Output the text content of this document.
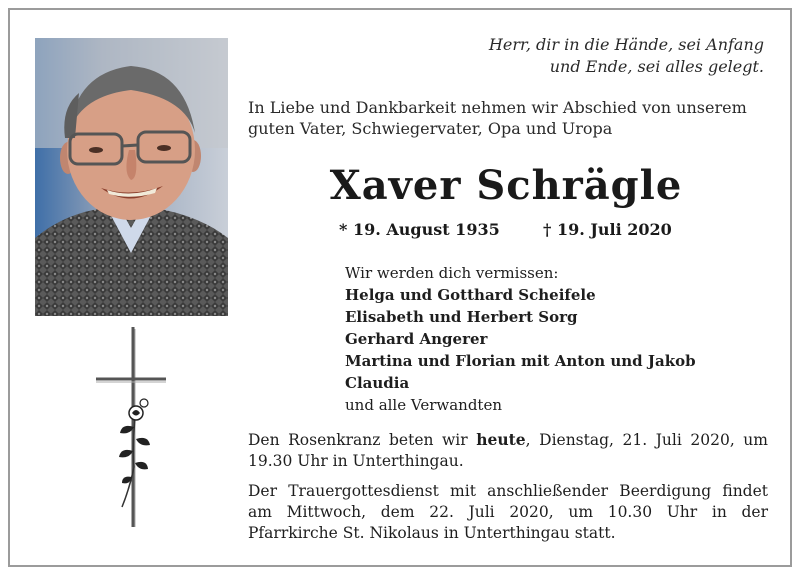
Herr, dir in die Hände, sei Anfang
und Ende, sei alles gelegt.
In Liebe und Dankbarkeit nehmen wir Abschied von unserem
guten Vater, Schwiegervater, Opa und Uropa
Xaver Schrägle
* 19. August 1935	† 19. Juli 2020
Wir werden dich vermissen:
Helga und Gotthard Scheifele
Elisabeth und Herbert Sorg
Gerhard Angerer
Martina und Florian mit Anton und Jakob
Claudia
und alle Verwandten
Den Rosenkranz beten wir heute, Dienstag, 21. Juli 2020, um 19.30 Uhr in Unterthingau.
Der Trauergottesdienst mit anschließender Beerdigung findet
am Mittwoch, dem 22. Juli 2020, um 10.30 Uhr in der
Pfarrkirche St. Nikolaus in Unterthingau statt.
